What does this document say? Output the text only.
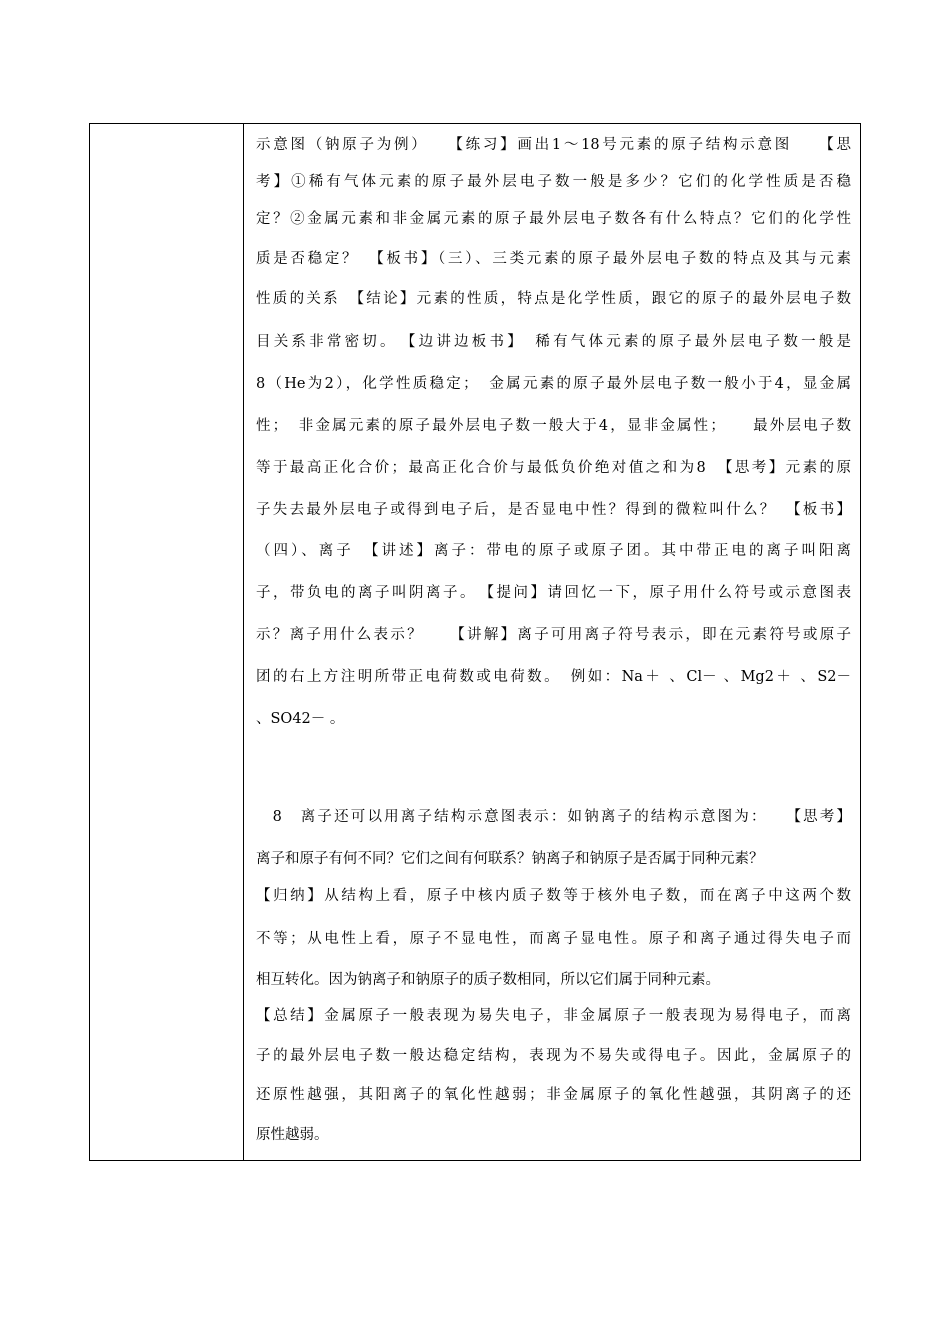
示意图（钠原子为例）　　【练习】画出1～18号元素的原子结构示意图　　【思
考】①稀有气体元素的原子最外层电子数一般是多少？它们的化学性质是否稳
定？②金属元素和非金属元素的原子最外层电子数各有什么特点？它们的化学性
质是否稳定？　【板书】（三）、三类元素的原子最外层电子数的特点及其与元素
性质的关系　【结论】元素的性质，特点是化学性质，跟它的原子的最外层电子数
目关系非常密切。　【边讲边板书】　稀有气体元素的原子最外层电子数一般是
8（He为2），化学性质稳定；　金属元素的原子最外层电子数一般小于4，显金属
性；　非金属元素的原子最外层电子数一般大于4，显非金属性；　　最外层电子数
等于最高正化合价；最高正化合价与最低负价绝对值之和为8　【思考】元素的原
子失去最外层电子或得到电子后，是否显电中性？得到的微粒叫什么？　【板书】
（四）、离子　【讲述】离子：带电的原子或原子团。其中带正电的离子叫阳离
子，带负电的离子叫阴离子。　【提问】请回忆一下，原子用什么符号或示意图表
示？离子用什么表示？　　【讲解】离子可用离子符号表示，即在元素符号或原子
团的右上方注明所带正电荷数或电荷数。　例如：Na＋ 、Cl－ 、Mg2＋ 、S2－
、SO42－ 。
　8　离子还可以用离子结构示意图表示：如钠离子的结构示意图为：　　【思考】
离子和原子有何不同？它们之间有何联系？钠离子和钠原子是否属于同种元素？
【归纳】从结构上看，原子中核内质子数等于核外电子数，而在离子中这两个数
不等；从电性上看，原子不显电性，而离子显电性。原子和离子通过得失电子而
相互转化。因为钠离子和钠原子的质子数相同，所以它们属于同种元素。
【总结】金属原子一般表现为易失电子，非金属原子一般表现为易得电子，而离
子的最外层电子数一般达稳定结构，表现为不易失或得电子。因此，金属原子的
还原性越强，其阳离子的氧化性越弱；非金属原子的氧化性越强，其阴离子的还
原性越弱。
